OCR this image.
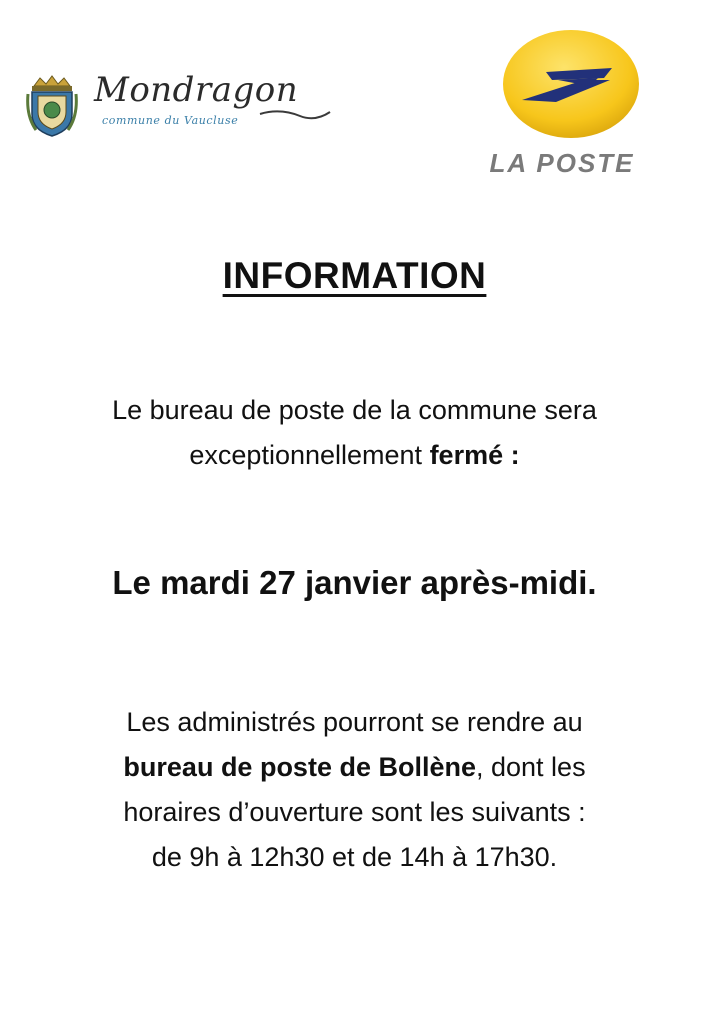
Mondragon
commune du Vaucluse
LA POSTE
INFORMATION
Le bureau de poste de la commune sera
exceptionnellement fermé :
Le mardi 27 janvier après-midi.
Les administrés pourront se rendre au
bureau de poste de Bollène, dont les
horaires d’ouverture sont les suivants :
de 9h à 12h30 et de 14h à 17h30.
